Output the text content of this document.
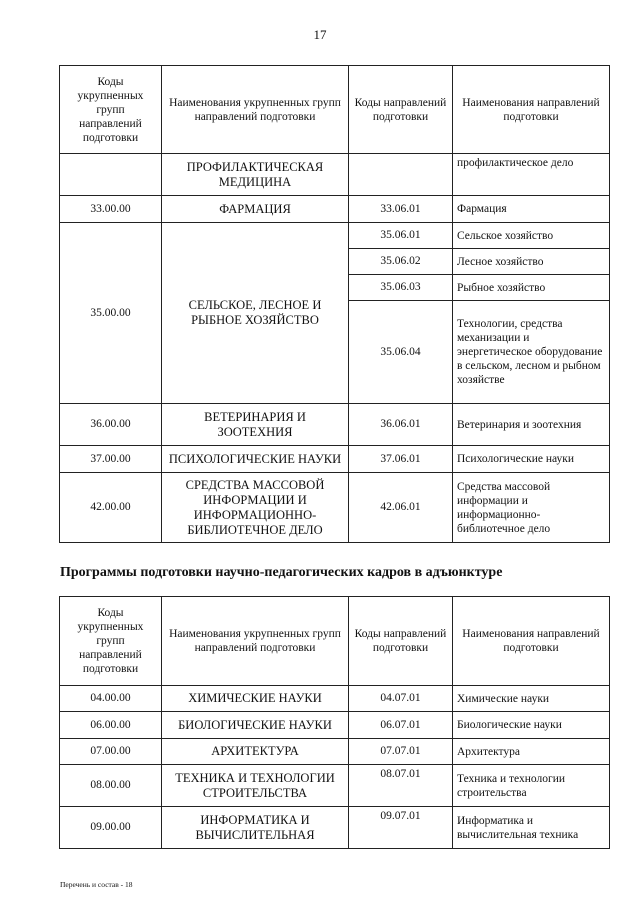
17
Коды укрупненных групп направлений подготовки	Наименования укрупненных групп направлений подготовки	Коды направлений подготовки	Наименования направлений подготовки
	ПРОФИЛАКТИЧЕСКАЯ МЕДИЦИНА		профилактическое дело
33.00.00	ФАРМАЦИЯ	33.06.01	Фармация
35.00.00	СЕЛЬСКОЕ, ЛЕСНОЕ И РЫБНОЕ ХОЗЯЙСТВО	35.06.01	Сельское хозяйство
		35.06.02	Лесное хозяйство
		35.06.03	Рыбное хозяйство
		35.06.04	Технологии, средства механизации и энергетическое оборудование в сельском, лесном и рыбном хозяйстве
36.00.00	ВЕТЕРИНАРИЯ И ЗООТЕХНИЯ	36.06.01	Ветеринария и зоотехния
37.00.00	ПСИХОЛОГИЧЕСКИЕ НАУКИ	37.06.01	Психологические науки
42.00.00	СРЕДСТВА МАССОВОЙ ИНФОРМАЦИИ И ИНФОРМАЦИОННО-БИБЛИОТЕЧНОЕ ДЕЛО	42.06.01	Средства массовой информации и информационно-библиотечное дело
Программы подготовки научно-педагогических кадров в адъюнктуре
Коды укрупненных групп направлений подготовки	Наименования укрупненных групп направлений подготовки	Коды направлений подготовки	Наименования направлений подготовки
04.00.00	ХИМИЧЕСКИЕ НАУКИ	04.07.01	Химические науки
06.00.00	БИОЛОГИЧЕСКИЕ НАУКИ	06.07.01	Биологические науки
07.00.00	АРХИТЕКТУРА	07.07.01	Архитектура
08.00.00	ТЕХНИКА И ТЕХНОЛОГИИ СТРОИТЕЛЬСТВА	08.07.01	Техника и технологии строительства
09.00.00	ИНФОРМАТИКА И ВЫЧИСЛИТЕЛЬНАЯ	09.07.01	Информатика и вычислительная техника
Перечень и состав - 18
